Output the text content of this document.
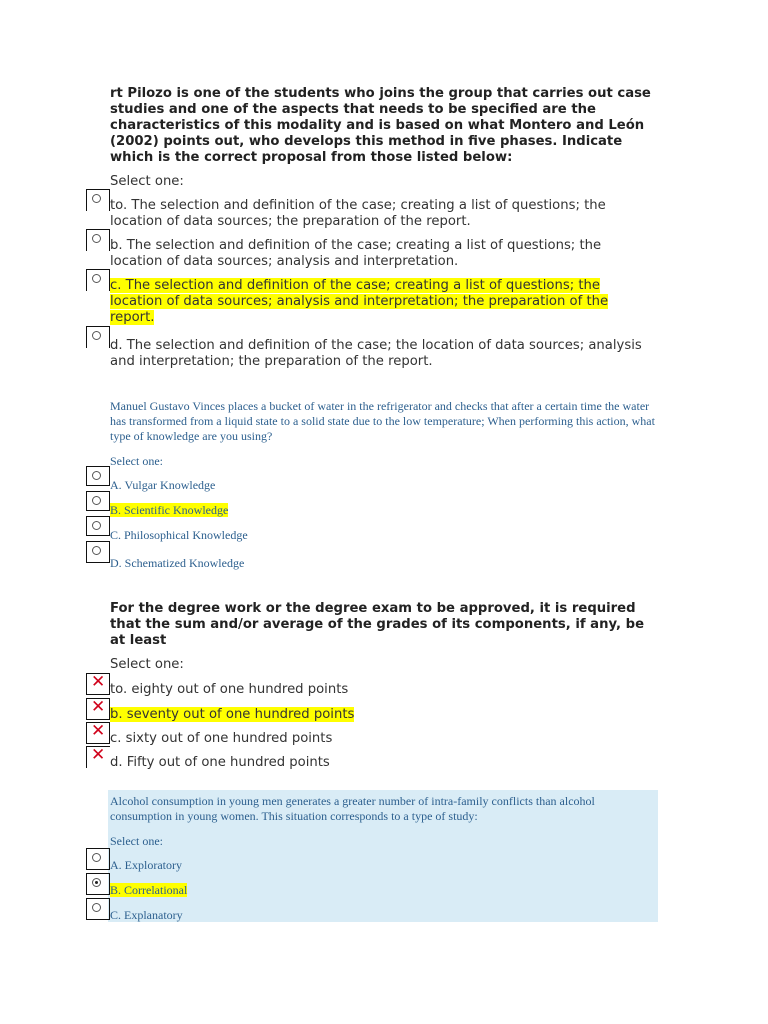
rt Pilozo is one of the students who joins the group that carries out case studies and one of the aspects that needs to be specified are the characteristics of this modality and is based on what Montero and León (2002) points out, who develops this method in five phases. Indicate which is the correct proposal from those listed below:
Select one:
to. The selection and definition of the case; creating a list of questions; the location of data sources; the preparation of the report.
b. The selection and definition of the case; creating a list of questions; the location of data sources; analysis and interpretation.
c. The selection and definition of the case; creating a list of questions; the location of data sources; analysis and interpretation; the preparation of the report.
d. The selection and definition of the case; the location of data sources; analysis and interpretation; the preparation of the report.
Manuel Gustavo Vinces places a bucket of water in the refrigerator and checks that after a certain time the water has transformed from a liquid state to a solid state due to the low temperature; When performing this action, what type of knowledge are you using?
Select one:
A. Vulgar Knowledge
B. Scientific Knowledge
C. Philosophical Knowledge
D. Schematized Knowledge
For the degree work or the degree exam to be approved, it is required that the sum and/or average of the grades of its components, if any, be at least
Select one:
✕ to. eighty out of one hundred points
✕ b. seventy out of one hundred points
✕ c. sixty out of one hundred points
✕ d. Fifty out of one hundred points
Alcohol consumption in young men generates a greater number of intra-family conflicts than alcohol consumption in young women. This situation corresponds to a type of study:
Select one:
A. Exploratory
B. Correlational
C. Explanatory
